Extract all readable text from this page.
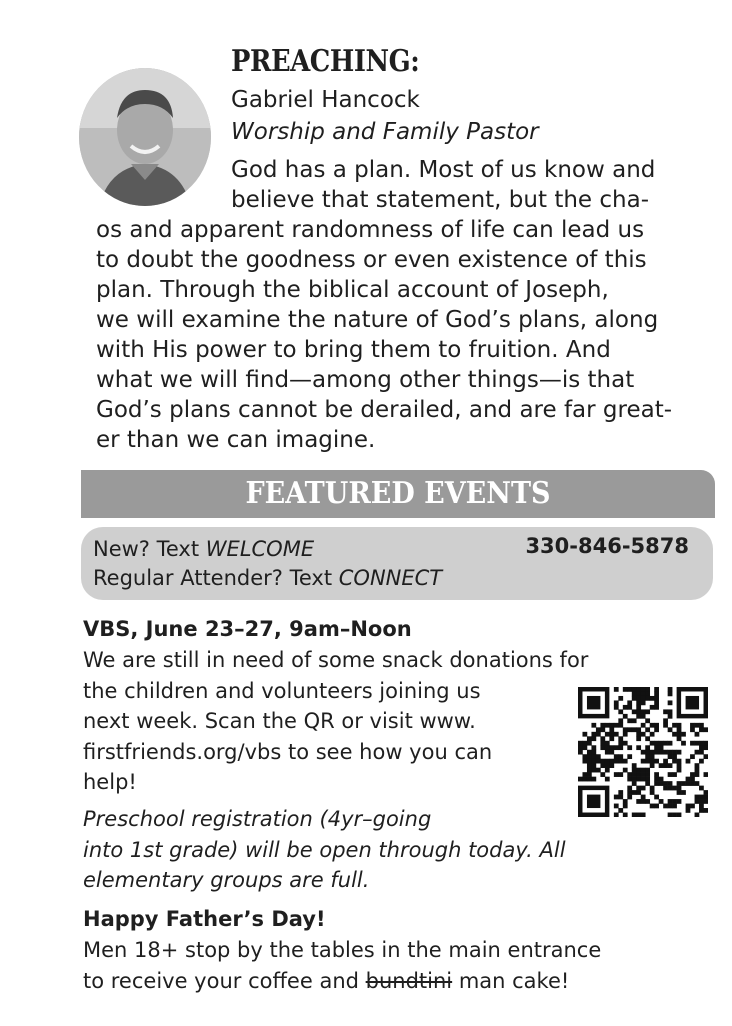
PREACHING:
Gabriel Hancock
Worship and Family Pastor
God has a plan. Most of us know and
believe that statement, but the cha-
os and apparent randomness of life can lead us
to doubt the goodness or even existence of this
plan. Through the biblical account of Joseph,
we will examine the nature of God’s plans, along
with His power to bring them to fruition. And
what we will find—among other things—is that
God’s plans cannot be derailed, and are far great-
er than we can imagine.
FEATURED EVENTS
New? Text WELCOME
Regular Attender? Text CONNECT
330-846-5878
VBS, June 23–27, 9am–Noon
We are still in need of some snack donations for
the children and volunteers joining us
next week. Scan the QR or visit www.
firstfriends.org/vbs to see how you can
help!
Preschool registration (4yr–going
into 1st grade) will be open through today. All
elementary groups are full.
Happy Father’s Day!
Men 18+ stop by the tables in the main entrance
to receive your coffee and bundtini man cake!
